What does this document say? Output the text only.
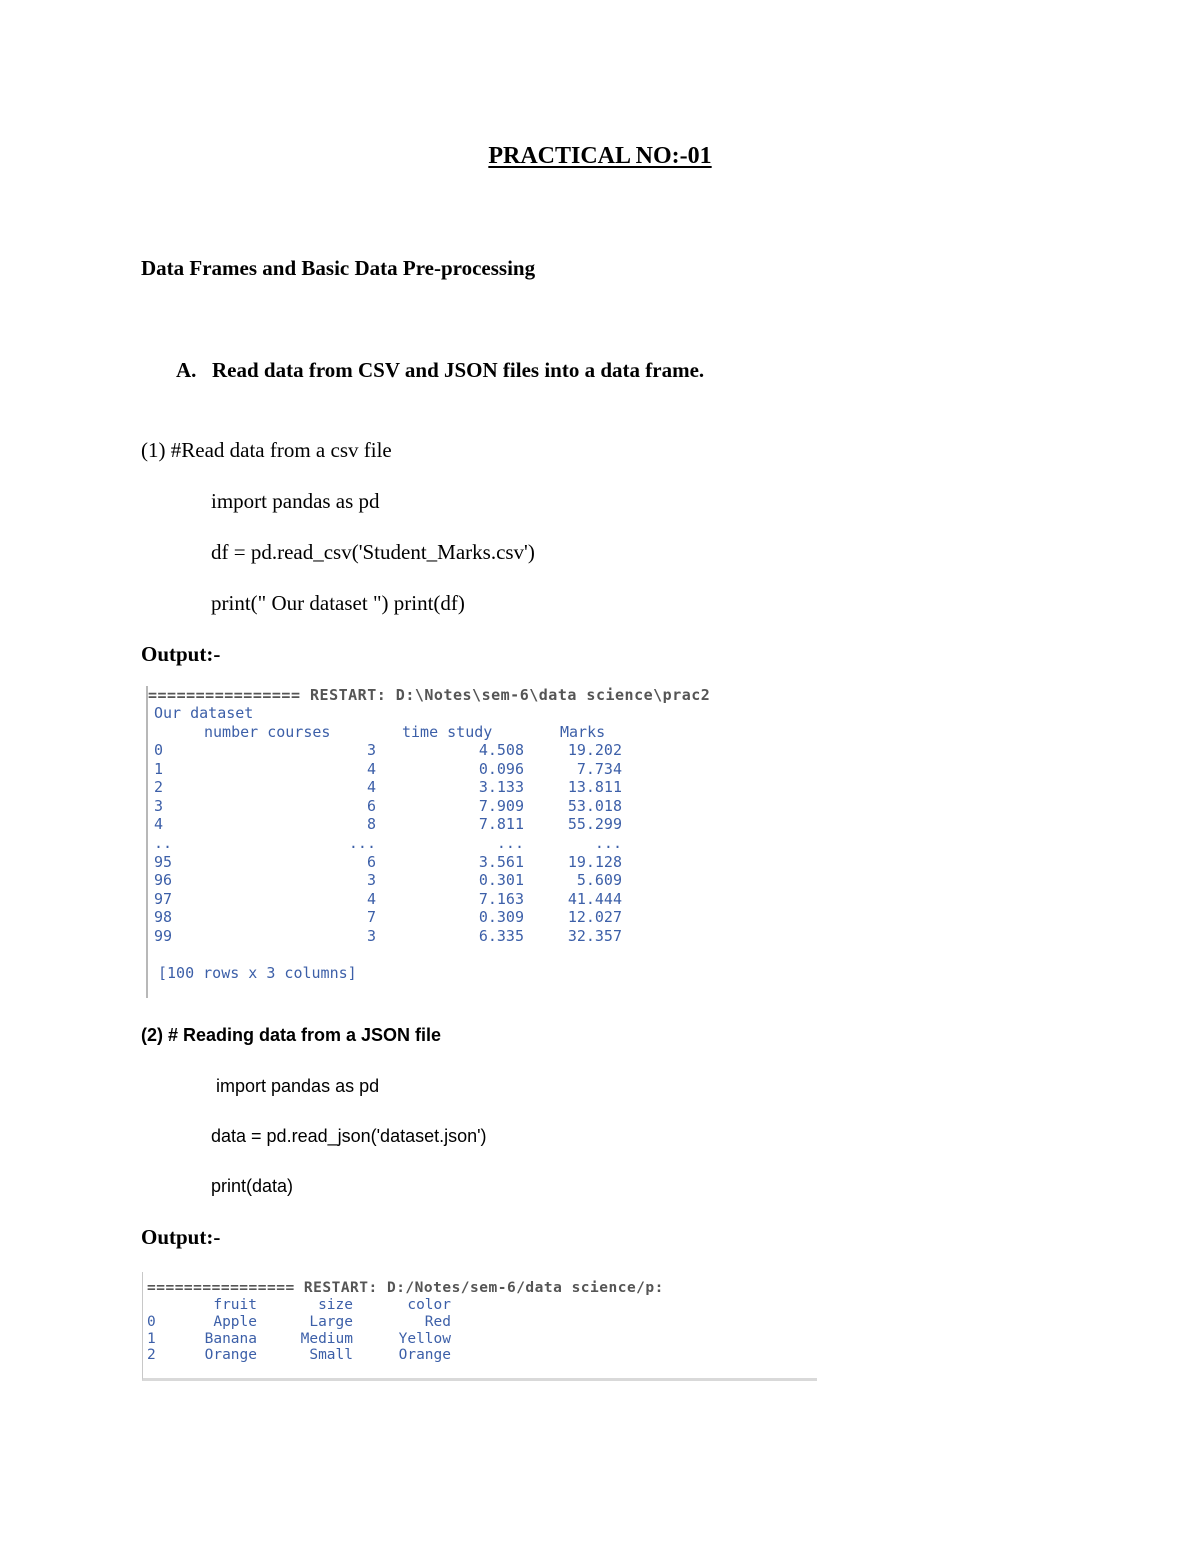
PRACTICAL NO:-01
Data Frames and Basic Data Pre-processing
A. Read data from CSV and JSON files into a data frame.
(1) #Read data from a csv file
import pandas as pd
df = pd.read_csv('Student_Marks.csv')
print(" Our dataset ") print(df)
Output:-
================ RESTART: D:\Notes\sem-6\data science\prac2
Our dataset
number courses	time study	Marks
0	3	4.508	19.202
1	4	0.096	7.734
2	4	3.133	13.811
3	6	7.909	53.018
4	8	7.811	55.299
..	...	...	...
95	6	3.561	19.128
96	3	0.301	5.609
97	4	7.163	41.444
98	7	0.309	12.027
99	3	6.335	32.357
[100 rows x 3 columns]
(2) # Reading data from a JSON file
import pandas as pd
data = pd.read_json('dataset.json')
print(data)
Output:-
================ RESTART: D:/Notes/sem-6/data science/p:
fruit	size	color
0	Apple	Large	Red
1	Banana	Medium	Yellow
2	Orange	Small	Orange
